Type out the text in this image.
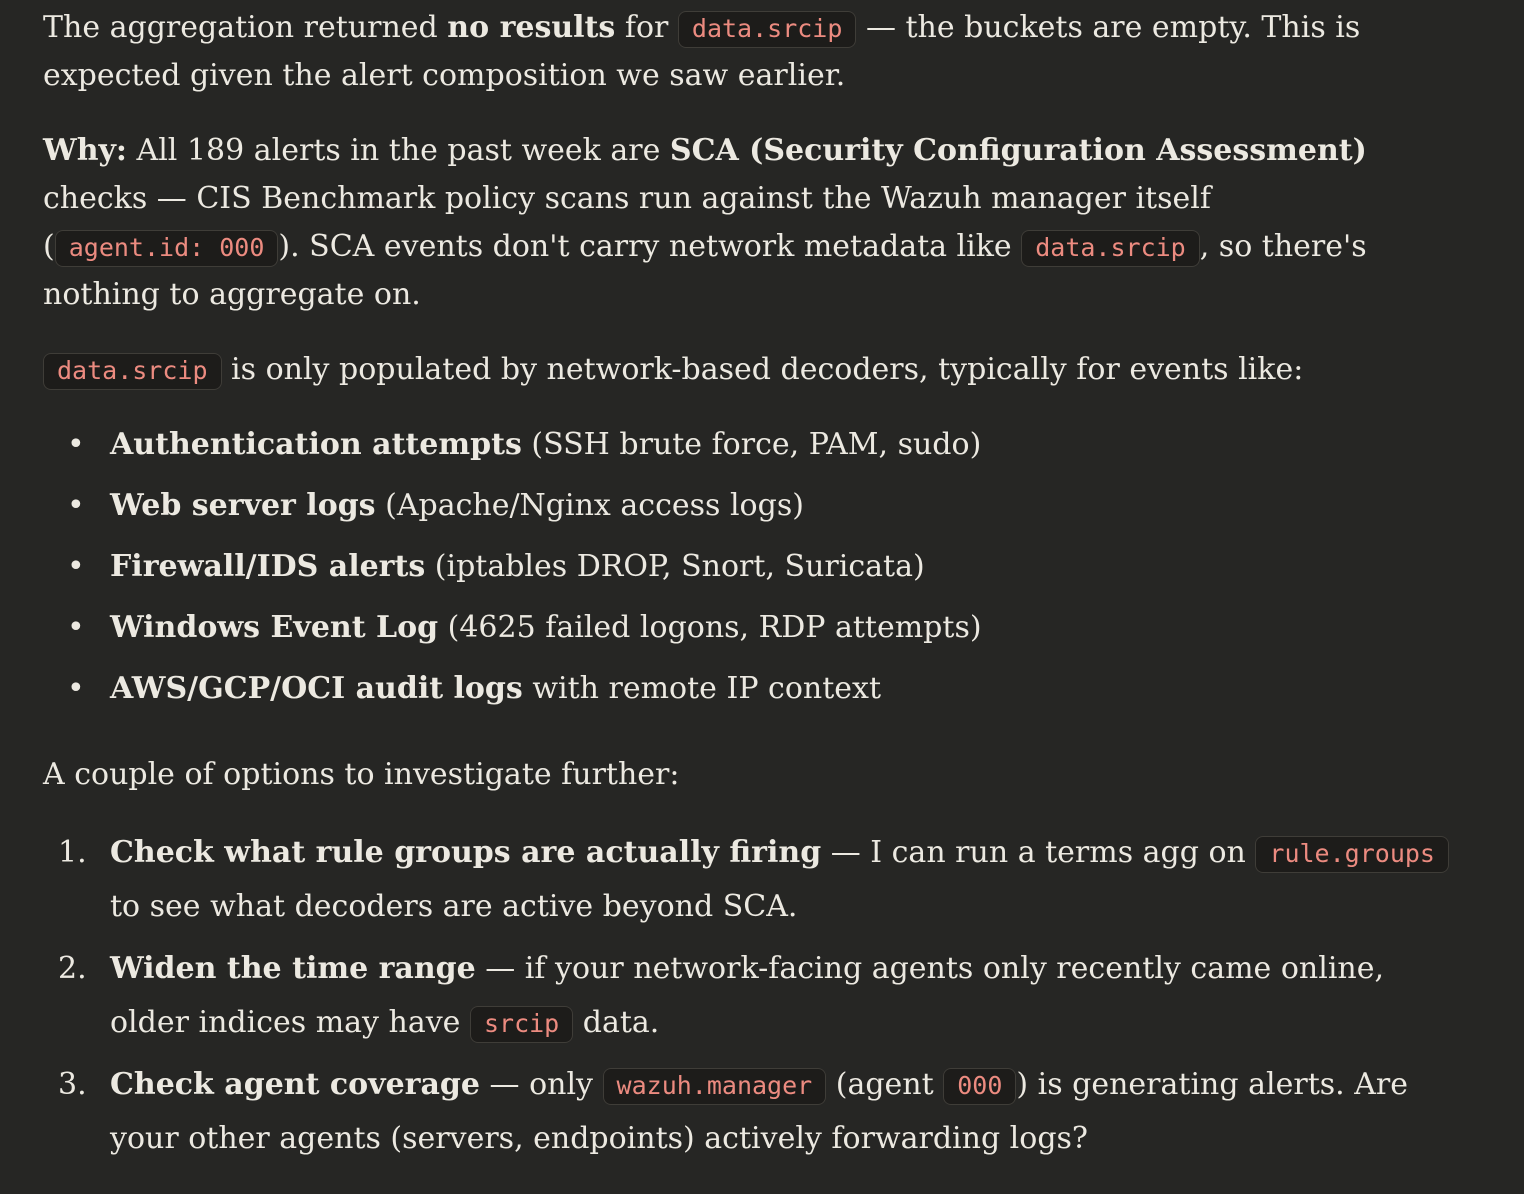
The aggregation returned no results for data.srcip — the buckets are empty. This is expected given the alert composition we saw earlier.

Why: All 189 alerts in the past week are SCA (Security Configuration Assessment) checks — CIS Benchmark policy scans run against the Wazuh manager itself ( agent.id: 000 ). SCA events don't carry network metadata like data.srcip , so there's nothing to aggregate on.

data.srcip is only populated by network-based decoders, typically for events like:

• Authentication attempts (SSH brute force, PAM, sudo)
• Web server logs (Apache/Nginx access logs)
• Firewall/IDS alerts (iptables DROP, Snort, Suricata)
• Windows Event Log (4625 failed logons, RDP attempts)
• AWS/GCP/OCI audit logs with remote IP context

A couple of options to investigate further:

Check what rule groups are actually firing — I can run a terms agg on rule.groups to see what decoders are active beyond SCA.
Widen the time range — if your network-facing agents only recently came online, older indices may have srcip data.
Check agent coverage — only wazuh.manager (agent 000 ) is generating alerts. Are your other agents (servers, endpoints) actively forwarding logs?
